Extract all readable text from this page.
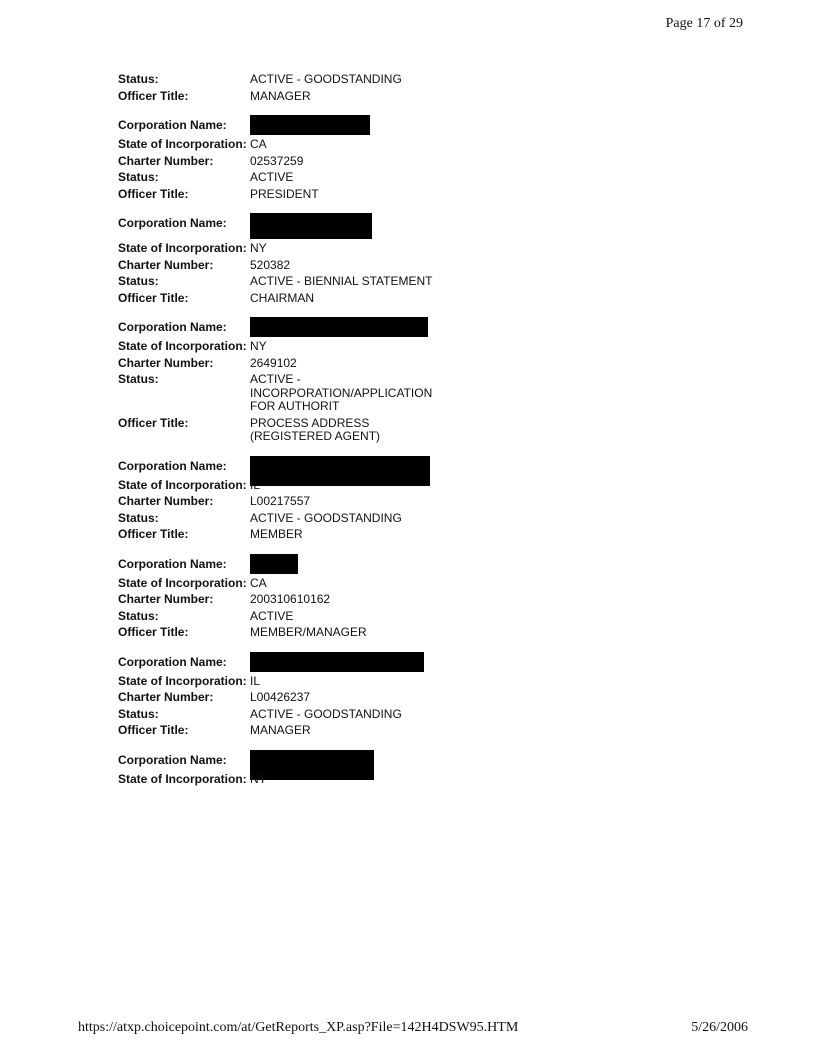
Page 17 of 29
Status:	ACTIVE - GOODSTANDING
Officer Title:	MANAGER
Corporation Name:
State of Incorporation: CA
Charter Number:	02537259
Status:	ACTIVE
Officer Title:	PRESIDENT
Corporation Name:
State of Incorporation: NY
Charter Number:	520382
Status:	ACTIVE - BIENNIAL STATEMENT
Officer Title:	CHAIRMAN
Corporation Name:
State of Incorporation: NY
Charter Number:	2649102
Status:	ACTIVE - INCORPORATION/APPLICATION FOR AUTHORIT
Officer Title:	PROCESS ADDRESS (REGISTERED AGENT)
Corporation Name:
State of Incorporation: IL
Charter Number:	L00217557
Status:	ACTIVE - GOODSTANDING
Officer Title:	MEMBER
Corporation Name:
State of Incorporation: CA
Charter Number:	200310610162
Status:	ACTIVE
Officer Title:	MEMBER/MANAGER
Corporation Name:
State of Incorporation: IL
Charter Number:	L00426237
Status:	ACTIVE - GOODSTANDING
Officer Title:	MANAGER
Corporation Name:
State of Incorporation: NY
https://atxp.choicepoint.com/at/GetReports_XP.asp?File=142H4DSW95.HTM	5/26/2006
